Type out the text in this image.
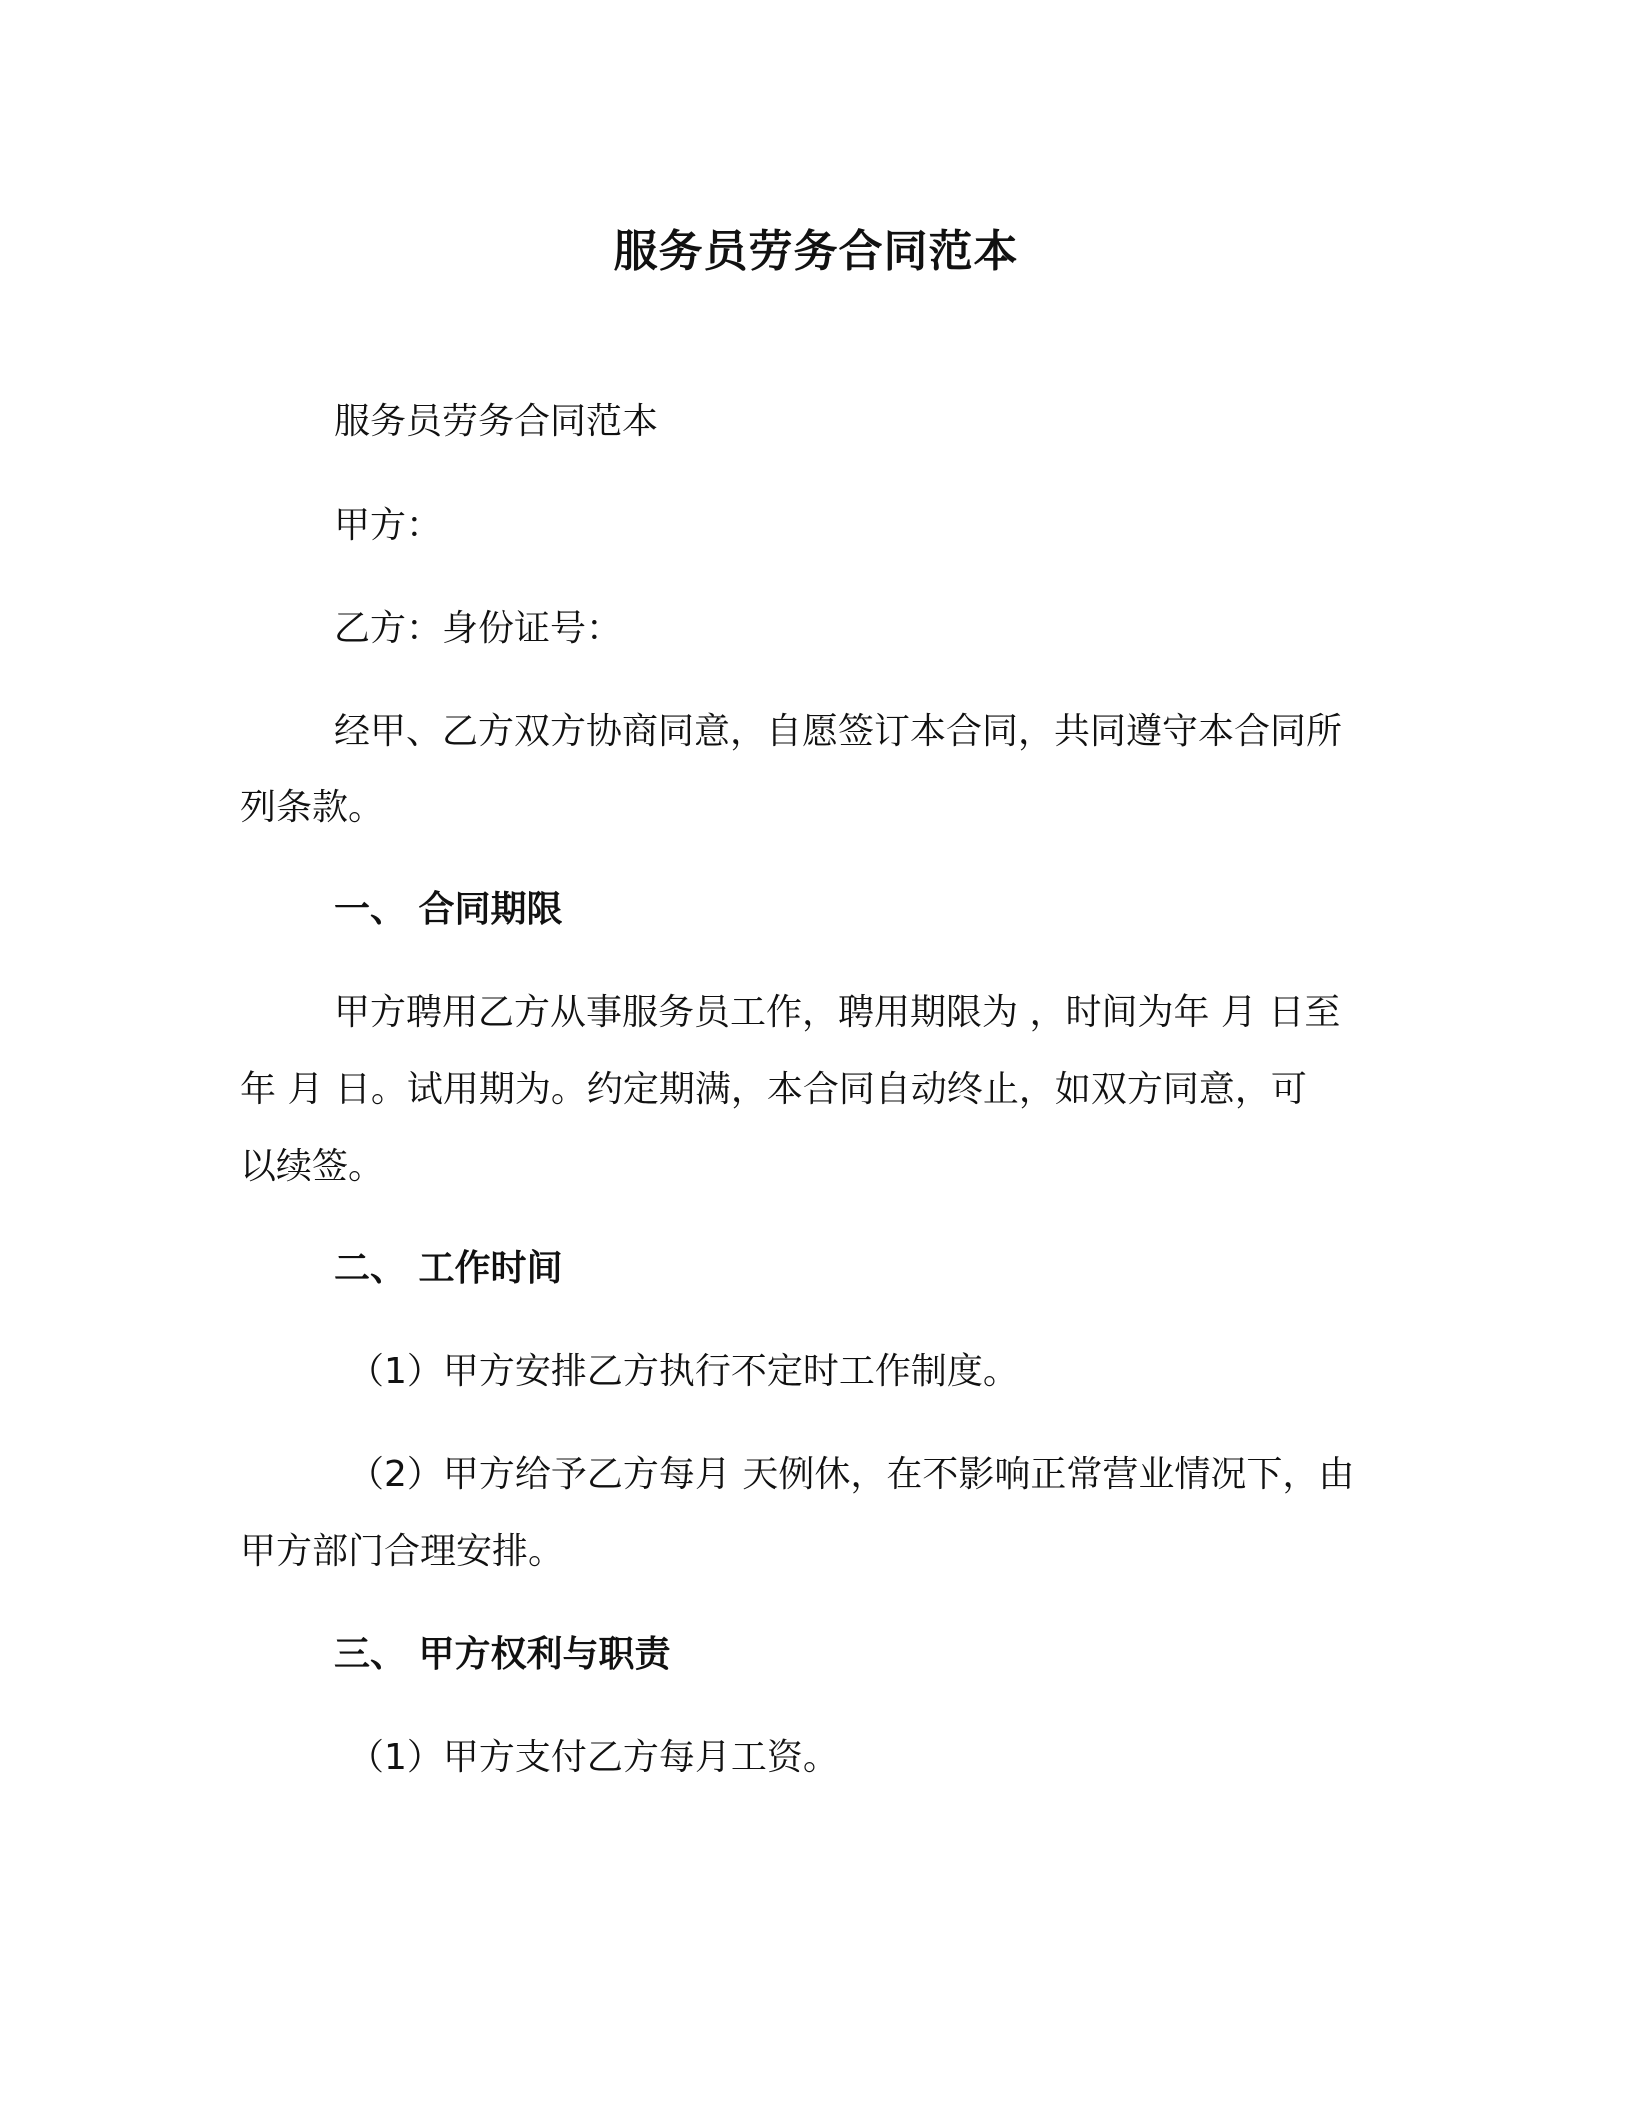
服务员劳务合同范本

服务员劳务合同范本

甲方：

乙方：身份证号：

经甲、乙方双方协商同意，自愿签订本合同，共同遵守本合同所

列条款。

一、 合同期限

甲方聘用乙方从事服务员工作，聘用期限为 ，时间为年 月 日至

年 月 日。试用期为。约定期满，本合同自动终止，如双方同意，可

以续签。

二、 工作时间

（1）甲方安排乙方执行不定时工作制度。

（2）甲方给予乙方每月 天例休，在不影响正常营业情况下，由

甲方部门合理安排。

三、 甲方权利与职责

（1）甲方支付乙方每月工资。
